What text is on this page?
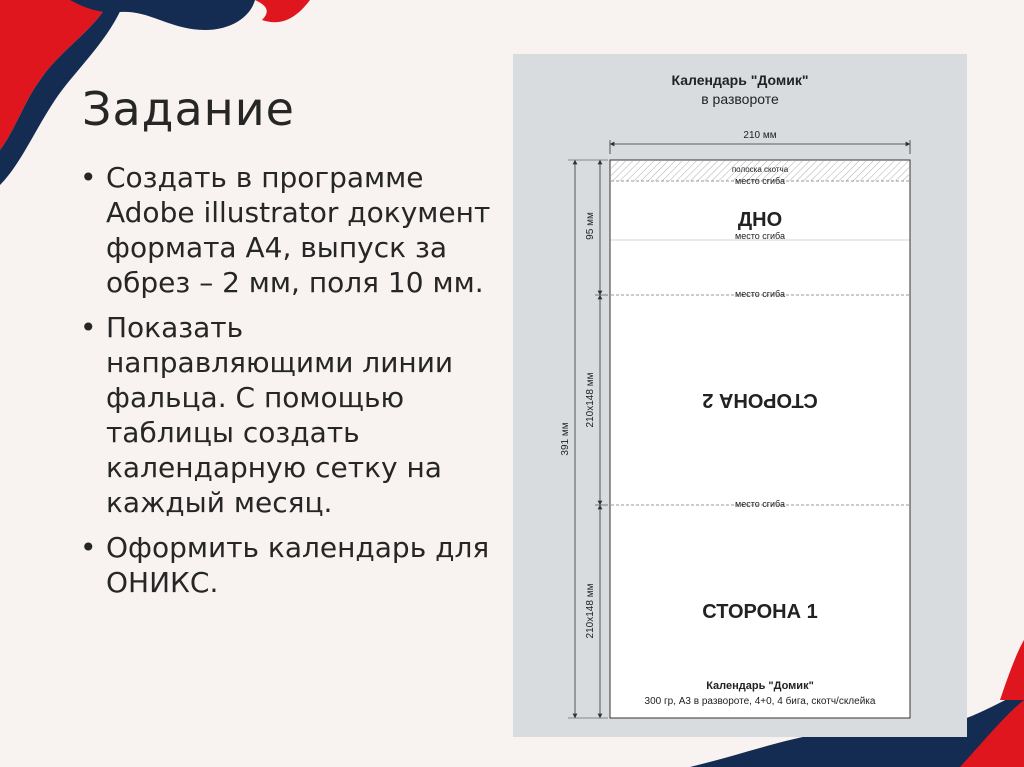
Задание
• Создать в программе Adobe illustrator документ формата А4, выпуск за обрез – 2 мм, поля 10 мм.
• Показать направляющими линии фальца. С помощью таблицы создать календарную сетку на каждый месяц.
• Оформить календарь для ОНИКС.
Календарь "Домик"
в развороте
210 мм
полоска скотча
место сгиба
ДНО
место сгиба
место сгиба
СТОРОНА 2
место сгиба
СТОРОНА 1
Календарь "Домик"
300 гр, А3 в развороте, 4+0, 4 бига, скотч/склейка
391 мм
95 мм
210x148 мм
210x148 мм
